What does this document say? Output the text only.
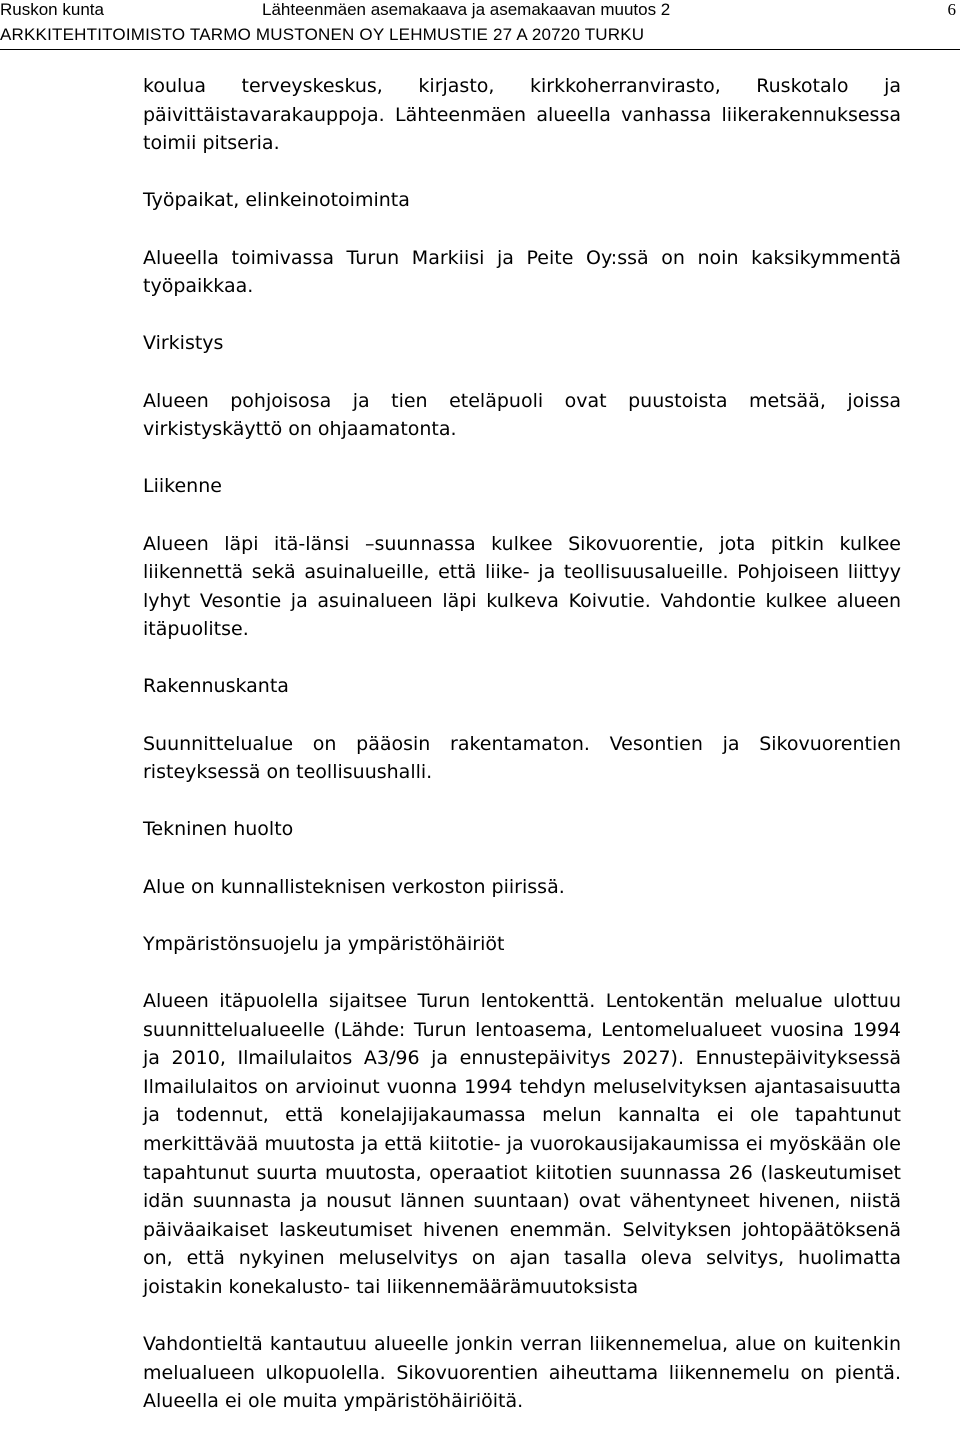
Ruskon kunta	Lähteenmäen asemakaava ja asemakaavan muutos 2	6
ARKKITEHTITOIMISTO TARMO MUSTONEN OY LEHMUSTIE 27 A 20720 TURKU

koulua terveyskeskus, kirjasto, kirkkoherranvirasto, Ruskotalo ja päivittäistavarakauppoja. Lähteenmäen alueella vanhassa liikerakennuksessa toimii pitseria.

Työpaikat, elinkeinotoiminta

Alueella toimivassa Turun Markiisi ja Peite Oy:ssä on noin kaksikymmentä työpaikkaa.

Virkistys

Alueen pohjoisosa ja tien eteläpuoli ovat puustoista metsää, joissa virkistyskäyttö on ohjaamatonta.

Liikenne

Alueen läpi itä-länsi –suunnassa kulkee Sikovuorentie, jota pitkin kulkee liikennettä sekä asuinalueille, että liike- ja teollisuusalueille. Pohjoiseen liittyy lyhyt Vesontie ja asuinalueen läpi kulkeva Koivutie. Vahdontie kulkee alueen itäpuolitse.

Rakennuskanta

Suunnittelualue on pääosin rakentamaton. Vesontien ja Sikovuorentien risteyksessä on teollisuushalli.

Tekninen huolto

Alue on kunnallisteknisen verkoston piirissä.

Ympäristönsuojelu ja ympäristöhäiriöt

Alueen itäpuolella sijaitsee Turun lentokenttä. Lentokentän melualue ulottuu suunnittelualueelle (Lähde: Turun lentoasema, Lentomelualueet vuosina 1994 ja 2010, Ilmailulaitos A3/96 ja ennustepäivitys 2027). Ennustepäivityksessä Ilmailulaitos on arvioinut vuonna 1994 tehdyn meluselvityksen ajantasaisuutta ja todennut, että konelajijakaumassa melun kannalta ei ole tapahtunut merkittävää muutosta ja että kiitotie- ja vuorokausijakaumissa ei myöskään ole tapahtunut suurta muutosta, operaatiot kiitotien suunnassa 26 (laskeutumiset idän suunnasta ja nousut lännen suuntaan) ovat vähentyneet hivenen, niistä päiväaikaiset laskeutumiset hivenen enemmän. Selvityksen johtopäätöksenä on, että nykyinen meluselvitys on ajan tasalla oleva selvitys, huolimatta joistakin konekalusto- tai liikennemäärämuutoksista

Vahdontieltä kantautuu alueelle jonkin verran liikennemelua, alue on kuitenkin melualueen ulkopuolella. Sikovuorentien aiheuttama liikennemelu on pientä. Alueella ei ole muita ympäristöhäiriöitä.
